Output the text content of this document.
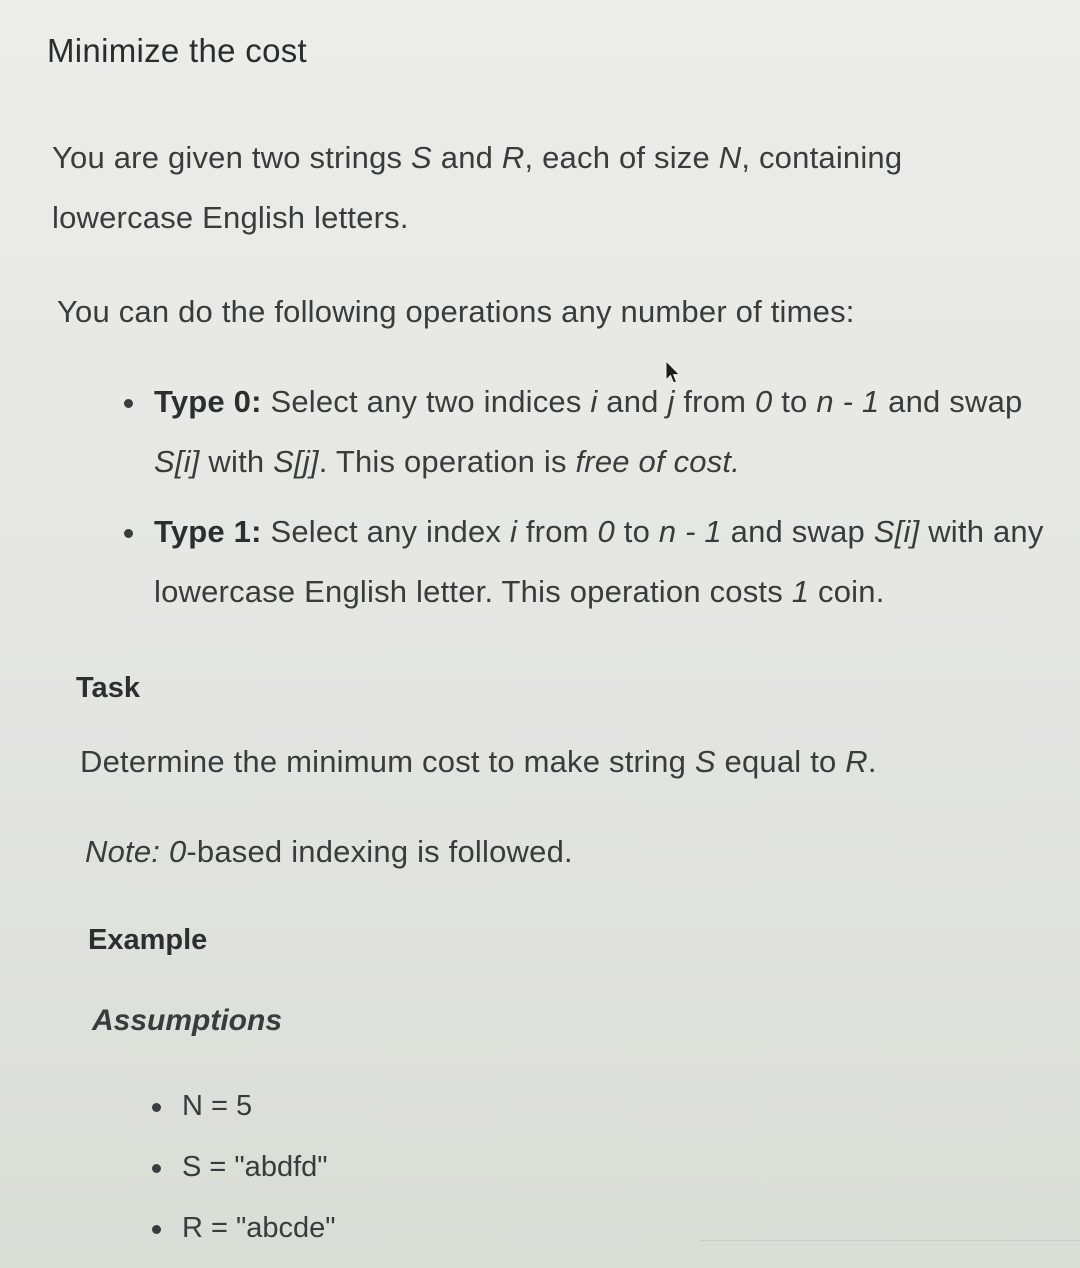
Minimize the cost

You are given two strings S and R, each of size N, containing lowercase English letters.

You can do the following operations any number of times:

Type 0: Select any two indices i and j from 0 to n - 1 and swap S[i] with S[j]. This operation is free of cost.
Type 1: Select any index i from 0 to n - 1 and swap S[i] with any lowercase English letter. This operation costs 1 coin.
Task

Determine the minimum cost to make string S equal to R.

Note: 0-based indexing is followed.

Example
Assumptions
N = 5
S = "abdfd"
R = "abcde"
